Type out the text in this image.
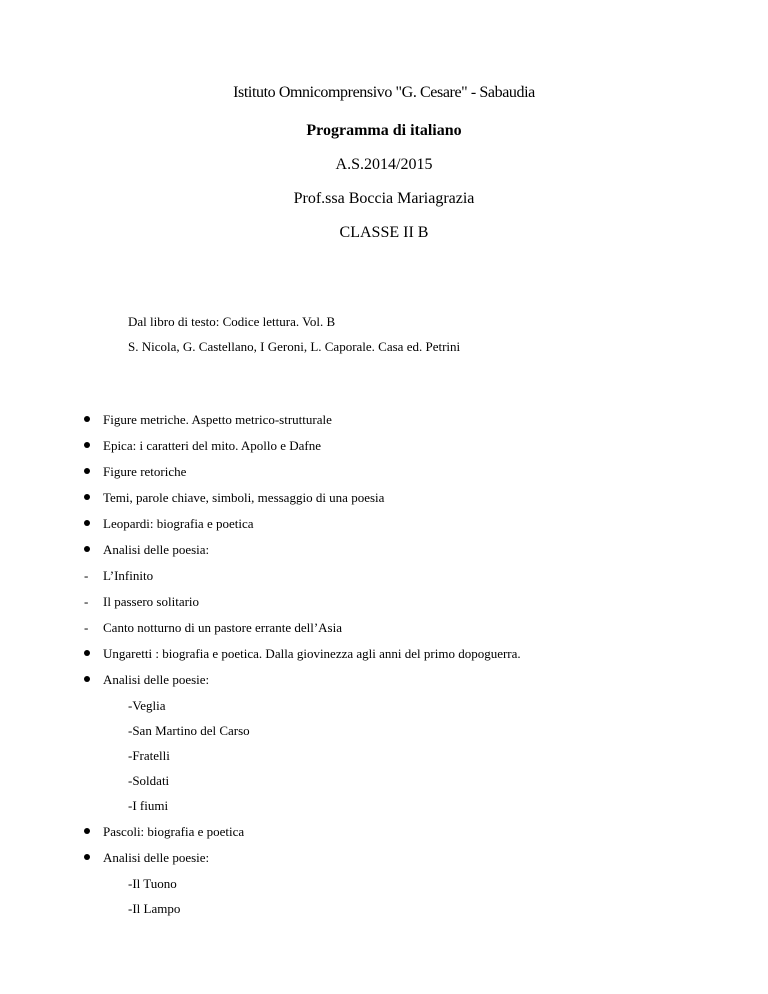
Istituto Omnicomprensivo "G. Cesare" - Sabaudia
Programma di italiano
A.S.2014/2015
Prof.ssa Boccia Mariagrazia
CLASSE II B
Dal libro di testo: Codice lettura. Vol. B
S. Nicola, G. Castellano, I Geroni, L. Caporale. Casa ed. Petrini
Figure metriche. Aspetto metrico-strutturale
Epica: i caratteri del mito. Apollo e Dafne
Figure retoriche
Temi, parole chiave, simboli, messaggio di una poesia
Leopardi: biografia e poetica
Analisi delle poesia:
- L’Infinito
- Il passero solitario
- Canto notturno di un pastore errante dell’Asia
Ungaretti : biografia e poetica. Dalla giovinezza agli anni del primo dopoguerra.
Analisi delle poesie:
-Veglia
-San Martino del Carso
-Fratelli
-Soldati
-I fiumi
Pascoli: biografia e poetica
Analisi delle poesie:
-Il Tuono
-Il Lampo
